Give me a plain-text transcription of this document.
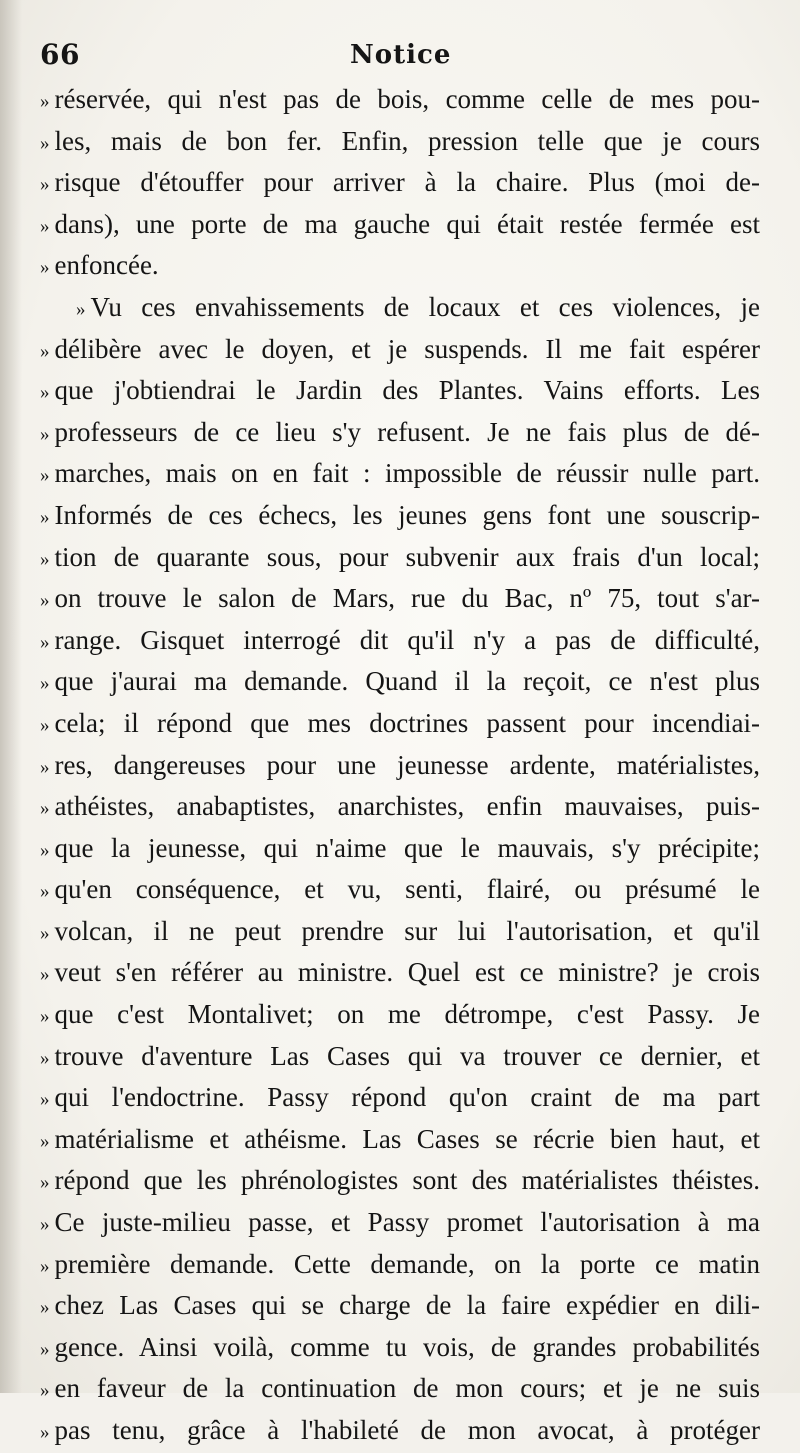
66	Notice
» réservée, qui n'est pas de bois, comme celle de mes pou-
» les, mais de bon fer. Enfin, pression telle que je cours
» risque d'étouffer pour arriver à la chaire. Plus (moi de-
» dans), une porte de ma gauche qui était restée fermée est
» enfoncée.
» Vu ces envahissements de locaux et ces violences, je
» délibère avec le doyen, et je suspends. Il me fait espérer
» que j'obtiendrai le Jardin des Plantes. Vains efforts. Les
» professeurs de ce lieu s'y refusent. Je ne fais plus de dé-
» marches, mais on en fait : impossible de réussir nulle part.
» Informés de ces échecs, les jeunes gens font une souscrip-
» tion de quarante sous, pour subvenir aux frais d'un local;
» on trouve le salon de Mars, rue du Bac, nº 75, tout s'ar-
» range. Gisquet interrogé dit qu'il n'y a pas de difficulté,
» que j'aurai ma demande. Quand il la reçoit, ce n'est plus
» cela; il répond que mes doctrines passent pour incendiai-
» res, dangereuses pour une jeunesse ardente, matérialistes,
» athéistes, anabaptistes, anarchistes, enfin mauvaises, puis-
» que la jeunesse, qui n'aime que le mauvais, s'y précipite;
» qu'en conséquence, et vu, senti, flairé, ou présumé le
» volcan, il ne peut prendre sur lui l'autorisation, et qu'il
» veut s'en référer au ministre. Quel est ce ministre? je crois
» que c'est Montalivet; on me détrompe, c'est Passy. Je
» trouve d'aventure Las Cases qui va trouver ce dernier, et
» qui l'endoctrine. Passy répond qu'on craint de ma part
» matérialisme et athéisme. Las Cases se récrie bien haut, et
» répond que les phrénologistes sont des matérialistes théistes.
» Ce juste-milieu passe, et Passy promet l'autorisation à ma
» première demande. Cette demande, on la porte ce matin
» chez Las Cases qui se charge de la faire expédier en dili-
» gence. Ainsi voilà, comme tu vois, de grandes probabilités
» en faveur de la continuation de mon cours; et je ne suis
» pas tenu, grâce à l'habileté de mon avocat, à protéger
